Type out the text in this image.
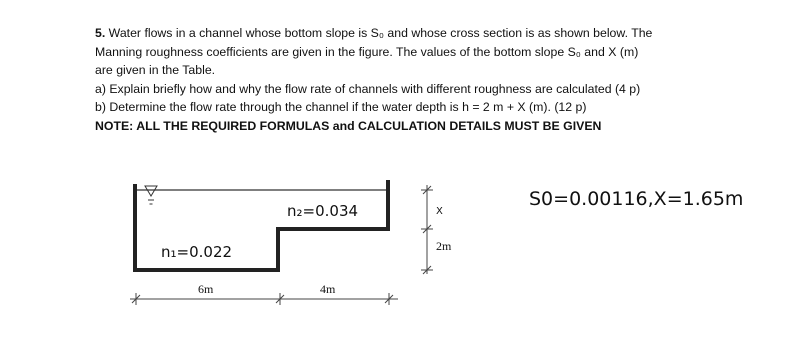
5. Water flows in a channel whose bottom slope is S₀ and whose cross section is as shown below. The

Manning roughness coefficients are given in the figure. The values of the bottom slope S₀ and X (m)

are given in the Table.

a) Explain briefly how and why the flow rate of channels with different roughness are calculated (4 p)

b) Determine the flow rate through the channel if the water depth is h = 2 m + X (m). (12 p)

NOTE: ALL THE REQUIRED FORMULAS and CALCULATION DETAILS MUST BE GIVEN

n₂=0.034
n₁=0.022
X
2m
6m	4m
S0=0.00116,X=1.65m
